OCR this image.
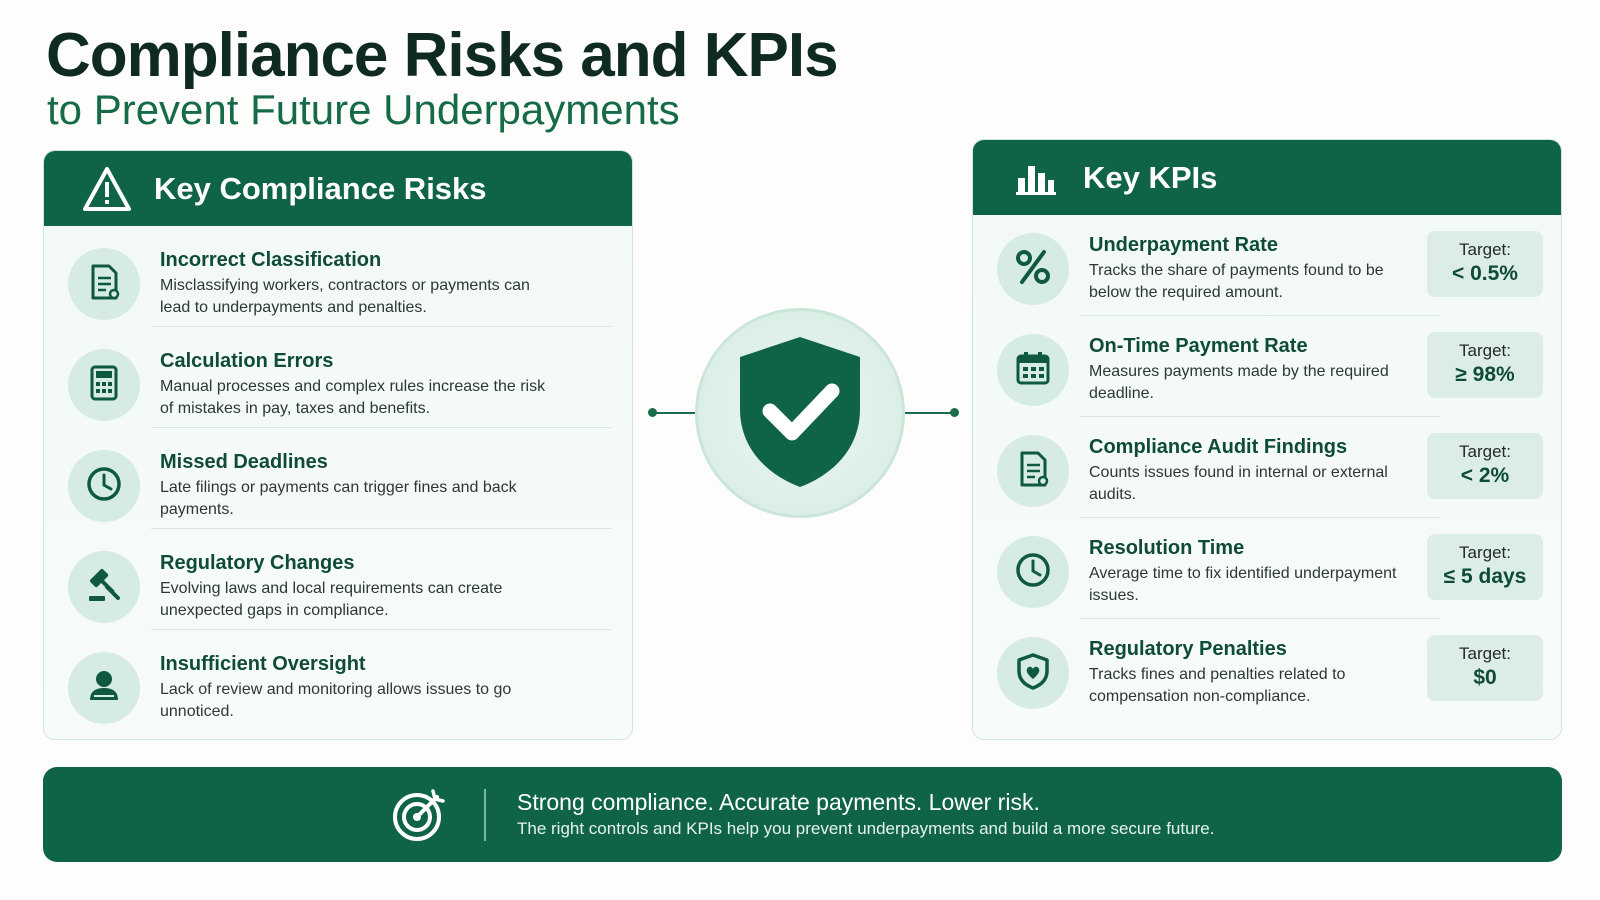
Compliance Risks and KPIs
to Prevent Future Underpayments
Key Compliance Risks
Incorrect Classification
Misclassifying workers, contractors or payments can lead to underpayments and penalties.
Calculation Errors
Manual processes and complex rules increase the risk of mistakes in pay, taxes and benefits.
Missed Deadlines
Late filings or payments can trigger fines and back payments.
Regulatory Changes
Evolving laws and local requirements can create unexpected gaps in compliance.
Insufficient Oversight
Lack of review and monitoring allows issues to go unnoticed.
Key KPIs
Underpayment Rate
Tracks the share of payments found to be below the required amount.
Target:
< 0.5%
On-Time Payment Rate
Measures payments made by the required deadline.
Target:
≥ 98%
Compliance Audit Findings
Counts issues found in internal or external audits.
Target:
< 2%
Resolution Time
Average time to fix identified underpayment issues.
Target:
≤ 5 days
Regulatory Penalties
Tracks fines and penalties related to compensation non-compliance.
Target:
$0
Strong compliance. Accurate payments. Lower risk.
The right controls and KPIs help you prevent underpayments and build a more secure future.
